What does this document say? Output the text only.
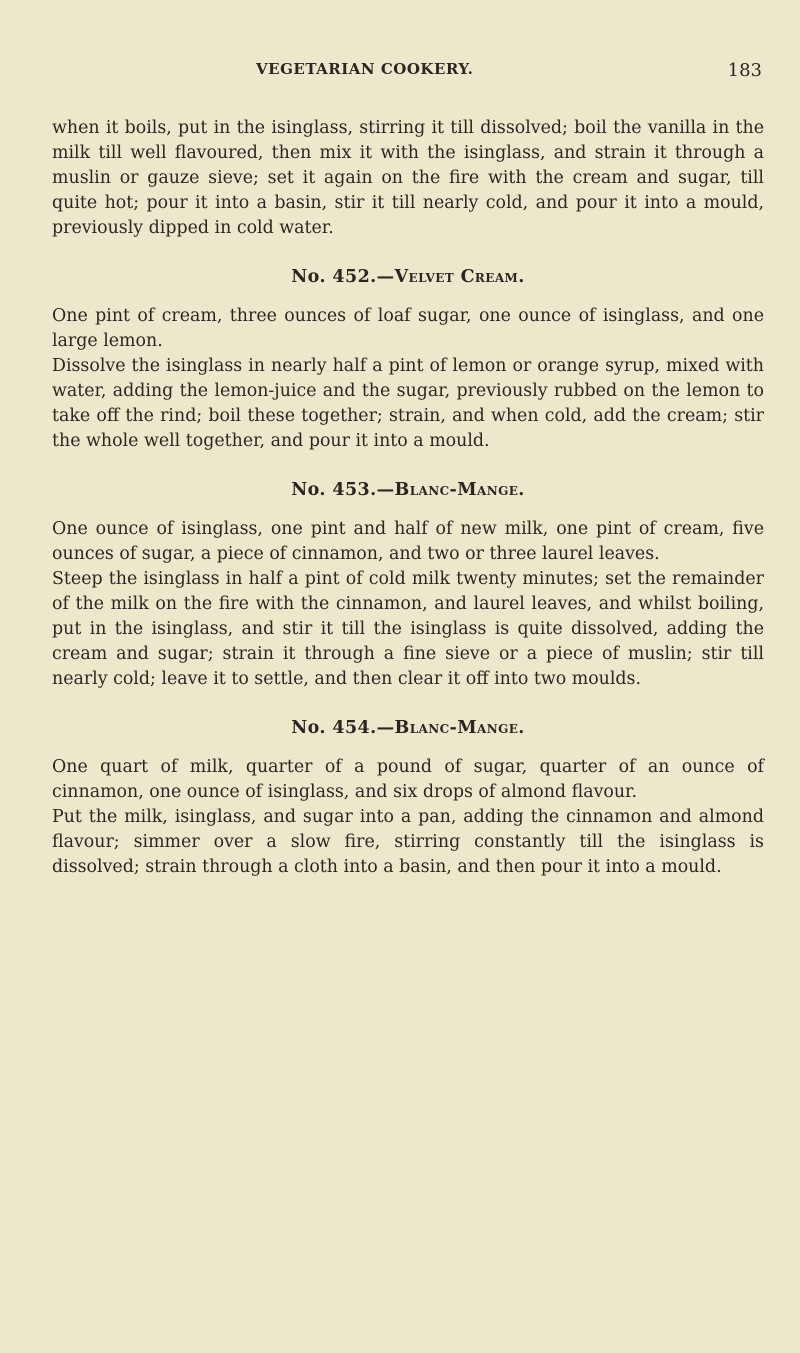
VEGETARIAN COOKERY.	183

when it boils, put in the isinglass, stirring it till dissolved; boil the vanilla in the milk till well flavoured, then mix it with the isinglass, and strain it through a muslin or gauze sieve; set it again on the fire with the cream and sugar, till quite hot; pour it into a basin, stir it till nearly cold, and pour it into a mould, previously dipped in cold water.

No. 452.—Velvet Cream.

One pint of cream, three ounces of loaf sugar, one ounce of isinglass, and one large lemon.

Dissolve the isinglass in nearly half a pint of lemon or orange syrup, mixed with water, adding the lemon-juice and the sugar, previously rubbed on the lemon to take off the rind; boil these together; strain, and when cold, add the cream; stir the whole well together, and pour it into a mould.

No. 453.—Blanc-Mange.

One ounce of isinglass, one pint and half of new milk, one pint of cream, five ounces of sugar, a piece of cinnamon, and two or three laurel leaves.

Steep the isinglass in half a pint of cold milk twenty minutes; set the remainder of the milk on the fire with the cinnamon, and laurel leaves, and whilst boiling, put in the isinglass, and stir it till the isinglass is quite dissolved, adding the cream and sugar; strain it through a fine sieve or a piece of muslin; stir till nearly cold; leave it to settle, and then clear it off into two moulds.

No. 454.—Blanc-Mange.

One quart of milk, quarter of a pound of sugar, quarter of an ounce of cinnamon, one ounce of isinglass, and six drops of almond flavour.

Put the milk, isinglass, and sugar into a pan, adding the cinnamon and almond flavour; simmer over a slow fire, stirring constantly till the isinglass is dissolved; strain through a cloth into a basin, and then pour it into a mould.
